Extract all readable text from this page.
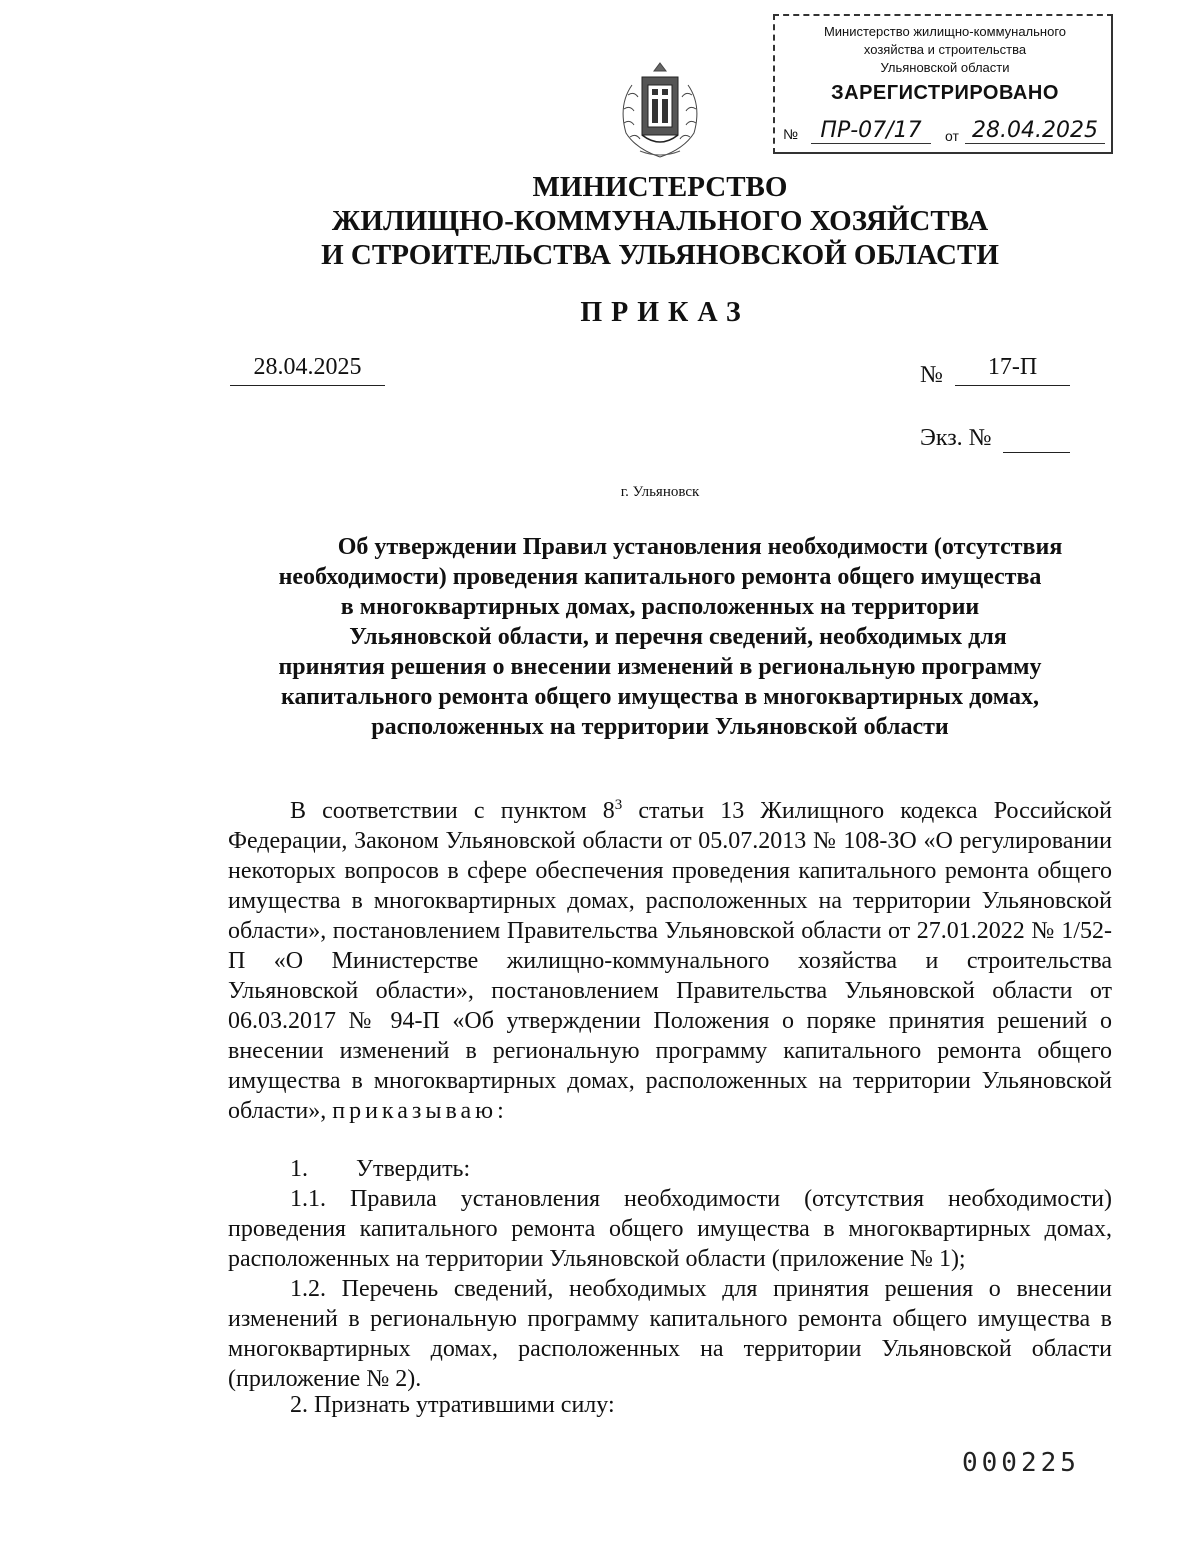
Министерство жилищно-коммунального
хозяйства и строительства
Ульяновской области
ЗАРЕГИСТРИРОВАНО
№	ПР-07/17	от 28.04.2025
МИНИСТЕРСТВО
ЖИЛИЩНО-КОММУНАЛЬНОГО ХОЗЯЙСТВА
И СТРОИТЕЛЬСТВА УЛЬЯНОВСКОЙ ОБЛАСТИ
ПРИКАЗ
28.04.2025	№	17-П
Экз. №
г. Ульяновск
Об утверждении Правил установления необходимости (отсутствия
необходимости) проведения капитального ремонта общего имущества
в многоквартирных домах, расположенных на территории
Ульяновской области, и перечня сведений, необходимых для
принятия решения о внесении изменений в региональную программу
капитального ремонта общего имущества в многоквартирных домах,
расположенных на территории Ульяновской области
В соответствии с пунктом $8^3$ статьи 13 Жилищного кодекса Российской Федерации, Законом Ульяновской области от 05.07.2013 № 108-ЗО «О регулировании некоторых вопросов в сфере обеспечения проведения капитального ремонта общего имущества в многоквартирных домах, расположенных на территории Ульяновской области», постановлением Правительства Ульяновской области от 27.01.2022 № 1/52-П «О Министерстве жилищно-коммунального хозяйства и строительства Ульяновской области», постановлением Правительства Ульяновской области от 06.03.2017 № 94-П «Об утверждении Положения о поряке принятия решений о внесении изменений в региональную программу капитального ремонта общего имущества в многоквартирных домах, расположенных на территории Ульяновской области», приказываю:
1.        Утвердить:
1.1. Правила установления необходимости (отсутствия необходимости) проведения капитального ремонта общего имущества в многоквартирных домах, расположенных на территории Ульяновской области (приложение № 1);
1.2. Перечень сведений, необходимых для принятия решения о внесении изменений в региональную программу капитального ремонта общего имущества в многоквартирных домах, расположенных на территории Ульяновской области (приложение № 2).
2. Признать утратившими силу:
000225
